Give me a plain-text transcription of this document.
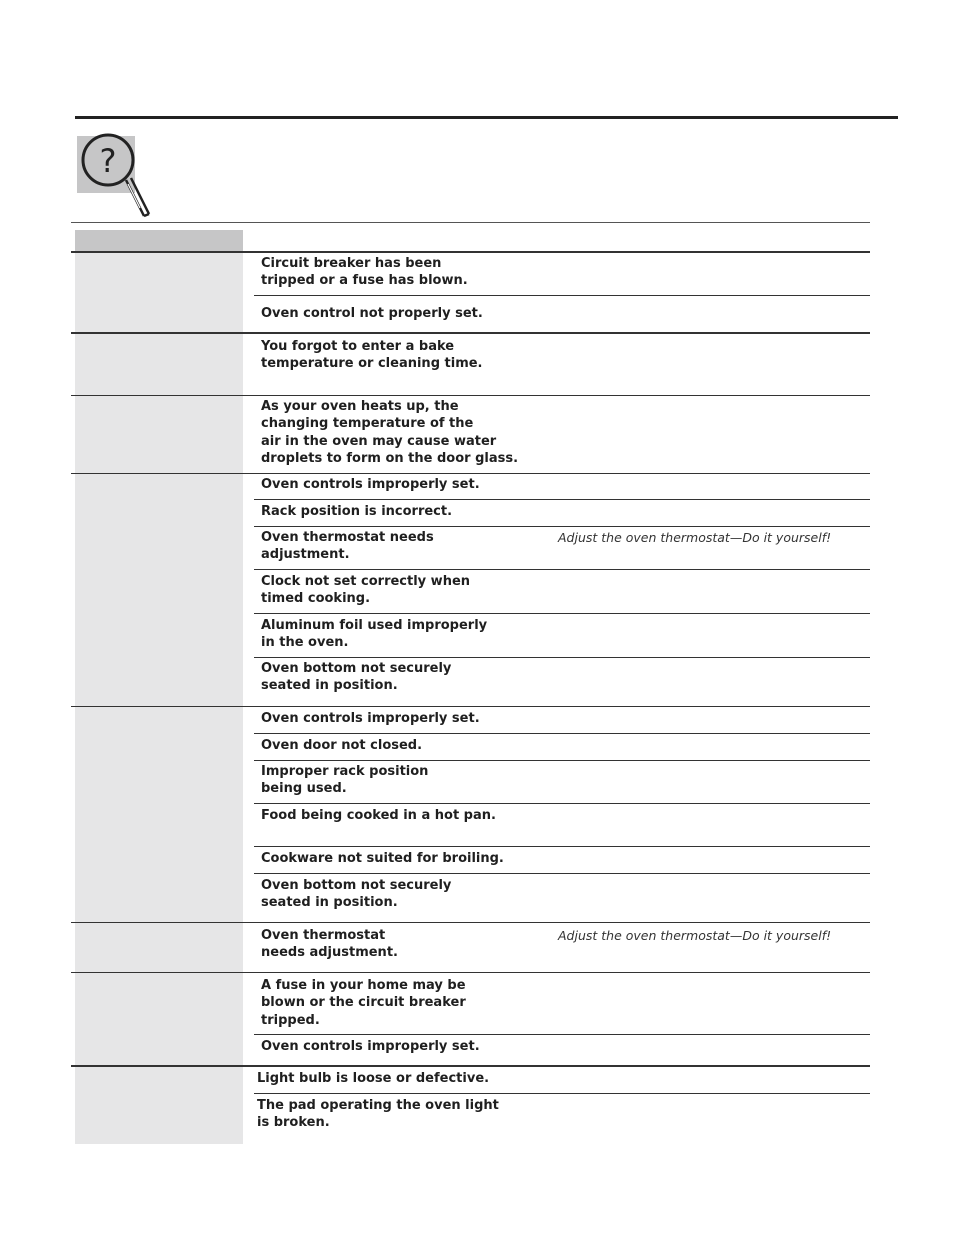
?

Circuit breaker has been
tripped or a fuse has blown.

Oven control not properly set.

You forgot to enter a bake
temperature or cleaning time.

As your oven heats up, the
changing temperature of the
air in the oven may cause water
droplets to form on the door glass.

Oven controls improperly set.

Rack position is incorrect.

Oven thermostat needs
adjustment.

Clock not set correctly when
timed cooking.

Aluminum foil used improperly
in the oven.

Oven bottom not securely
seated in position.

Oven controls improperly set.

Oven door not closed.

Improper rack position
being used.

Food being cooked in a hot pan.

Cookware not suited for broiling.

Oven bottom not securely
seated in position.

Oven thermostat
needs adjustment.

A fuse in your home may be
blown or the circuit breaker
tripped.

Oven controls improperly set.

Light bulb is loose or defective.

The pad operating the oven light
is broken.

Adjust the oven thermostat—Do it yourself!

Adjust the oven thermostat—Do it yourself!
